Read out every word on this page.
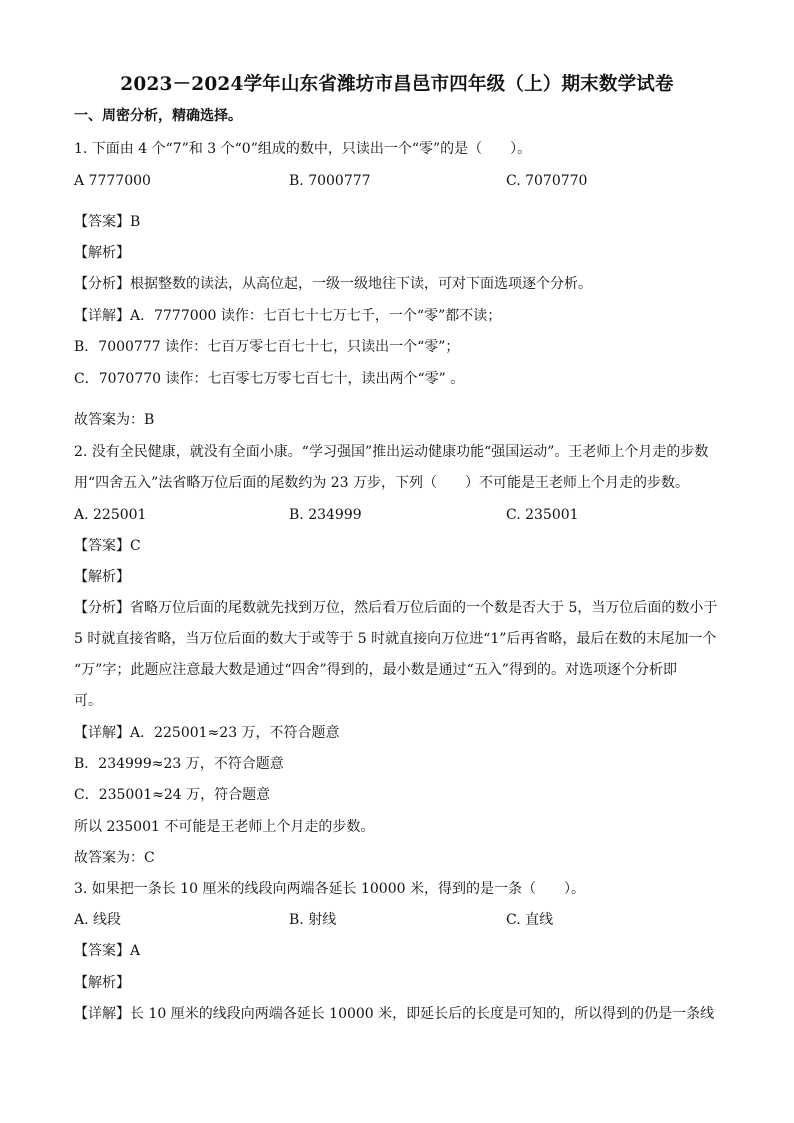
2023－2024学年山东省潍坊市昌邑市四年级（上）期末数学试卷
一、周密分析，精确选择。
1. 下面由 4 个“7”和 3 个“0”组成的数中，只读出一个“零”的是（　　）。
A 7777000	B. 7000777	C. 7070770
【答案】B
【解析】
【分析】根据整数的读法，从高位起，一级一级地往下读，可对下面选项逐个分析。
【详解】A．7777000 读作：七百七十七万七千，一个“零”都不读；
B．7000777 读作：七百万零七百七十七，只读出一个“零”；
C．7070770 读作：七百零七万零七百七十，读出两个“零” 。
故答案为：B
2. 没有全民健康，就没有全面小康。“学习强国”推出运动健康功能“强国运动”。王老师上个月走的步数
用“四舍五入”法省略万位后面的尾数约为 23 万步，下列（　　）不可能是王老师上个月走的步数。
A. 225001	B. 234999	C. 235001
【答案】C
【解析】
【分析】省略万位后面的尾数就先找到万位，然后看万位后面的一个数是否大于 5，当万位后面的数小于
5 时就直接省略，当万位后面的数大于或等于 5 时就直接向万位进“1”后再省略，最后在数的末尾加一个
“万”字；此题应注意最大数是通过“四舍”得到的，最小数是通过“五入”得到的。对选项逐个分析即
可。
【详解】A．225001≈23 万，不符合题意
B．234999≈23 万，不符合题意
C．235001≈24 万，符合题意
所以 235001 不可能是王老师上个月走的步数。
故答案为：C
3. 如果把一条长 10 厘米的线段向两端各延长 10000 米，得到的是一条（　　）。
A. 线段	B. 射线	C. 直线
【答案】A
【解析】
【详解】长 10 厘米的线段向两端各延长 10000 米，即延长后的长度是可知的，所以得到的仍是一条线
